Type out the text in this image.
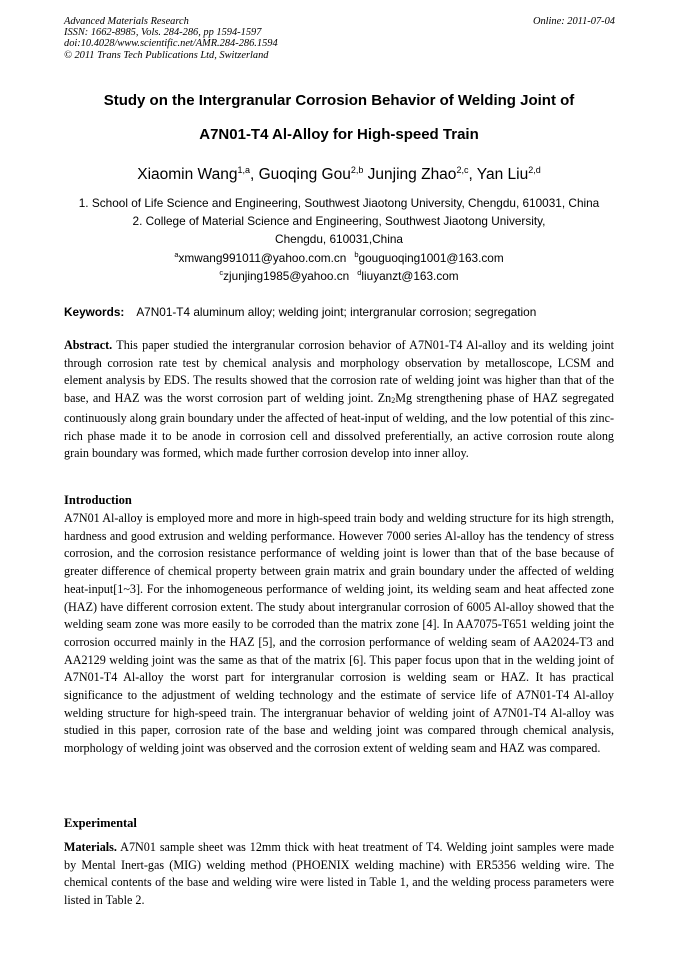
Advanced Materials Research
ISSN: 1662-8985, Vols. 284-286, pp 1594-1597
doi:10.4028/www.scientific.net/AMR.284-286.1594
© 2011 Trans Tech Publications Ltd, Switzerland
Online: 2011-07-04
Study on the Intergranular Corrosion Behavior of Welding Joint of
A7N01-T4 Al-Alloy for High-speed Train
Xiaomin Wang$^{1,a}$, Guoqing Gou$^{2,b}$ Junjing Zhao$^{2,c}$, Yan Liu$^{2,d}$
1. School of Life Science and Engineering, Southwest Jiaotong University, Chengdu, 610031, China
2. College of Material Science and Engineering, Southwest Jiaotong University,
Chengdu, 610031,China
$^a$xmwang991011@yahoo.com.cn $^b$gouguoqing1001@163.com
$^c$zjunjing1985@yahoo.cn $^d$liuyanzt@163.com
Keywords: A7N01-T4 aluminum alloy; welding joint; intergranular corrosion; segregation
Abstract. This paper studied the intergranular corrosion behavior of A7N01-T4 Al-alloy and its welding joint through corrosion rate test by chemical analysis and morphology observation by metalloscope, LCSM and element analysis by EDS. The results showed that the corrosion rate of welding joint was higher than that of the base, and HAZ was the worst corrosion part of welding joint. $Zn_2Mg$ strengthening phase of HAZ segregated continuously along grain boundary under the affected of heat-input of welding, and the low potential of this zinc-rich phase made it to be anode in corrosion cell and dissolved preferentially, an active corrosion route along grain boundary was formed, which made further corrosion develop into inner alloy.
Introduction
A7N01 Al-alloy is employed more and more in high-speed train body and welding structure for its high strength, hardness and good extrusion and welding performance. However 7000 series Al-alloy has the tendency of stress corrosion, and the corrosion resistance performance of welding joint is lower than that of the base because of greater difference of chemical property between grain matrix and grain boundary under the affected of welding heat-input[1~3]. For the inhomogeneous performance of welding joint, its welding seam and heat affected zone (HAZ) have different corrosion extent. The study about intergranular corrosion of 6005 Al-alloy showed that the welding seam zone was more easily to be corroded than the matrix zone [4]. In AA7075-T651 welding joint the corrosion occurred mainly in the HAZ [5], and the corrosion performance of welding seam of AA2024-T3 and AA2129 welding joint was the same as that of the matrix [6]. This paper focus upon that in the welding joint of A7N01-T4 Al-alloy the worst part for intergranular corrosion is welding seam or HAZ. It has practical significance to the adjustment of welding technology and the estimate of service life of A7N01-T4 Al-alloy welding structure for high-speed train. The intergranuar behavior of welding joint of A7N01-T4 Al-alloy was studied in this paper, corrosion rate of the base and welding joint was compared through chemical analysis, morphology of welding joint was observed and the corrosion extent of welding seam and HAZ was compared.
Experimental
Materials. A7N01 sample sheet was 12mm thick with heat treatment of T4. Welding joint samples were made by Mental Inert-gas (MIG) welding method (PHOENIX welding machine) with ER5356 welding wire. The chemical contents of the base and welding wire were listed in Table 1, and the welding process parameters were listed in Table 2.
